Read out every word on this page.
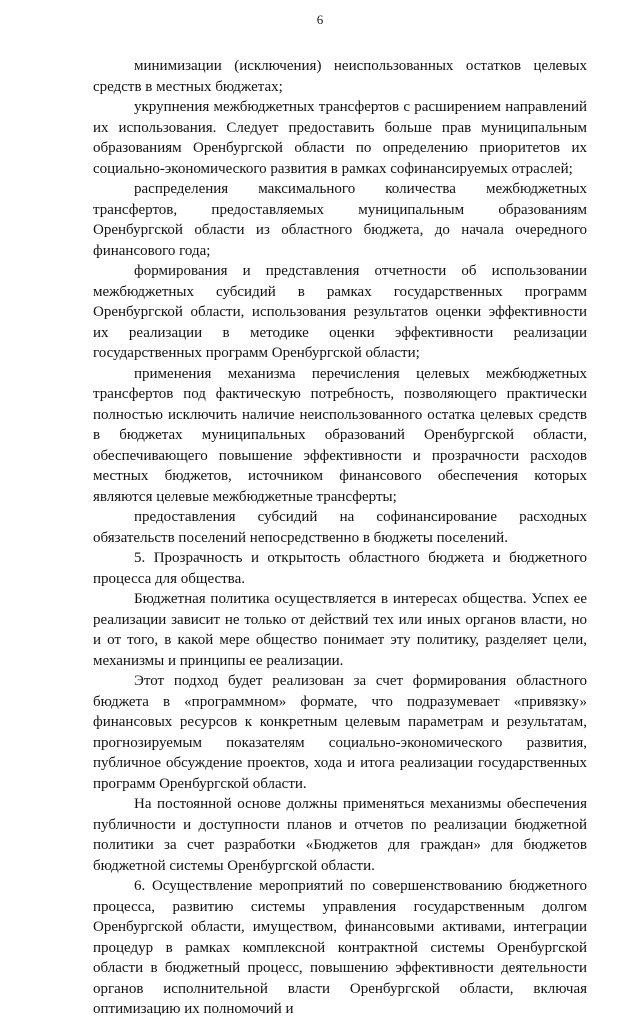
6

минимизации (исключения) неиспользованных остатков целевых средств в местных бюджетах;

укрупнения межбюджетных трансфертов с расширением направлений их использования. Следует предоставить больше прав муниципальным образованиям Оренбургской области по определению приоритетов их социально-экономического развития в рамках софинансируемых отраслей;

распределения максимального количества межбюджетных трансфертов, предоставляемых муниципальным образованиям Оренбургской области из областного бюджета, до начала очередного финансового года;

формирования и представления отчетности об использовании межбюджетных субсидий в рамках государственных программ Оренбургской области, использования результатов оценки эффективности их реализации в методике оценки эффективности реализации государственных программ Оренбургской области;

применения механизма перечисления целевых межбюджетных трансфертов под фактическую потребность, позволяющего практически полностью исключить наличие неиспользованного остатка целевых средств в бюджетах муниципальных образований Оренбургской области, обеспечивающего повышение эффективности и прозрачности расходов местных бюджетов, источником финансового обеспечения которых являются целевые межбюджетные трансферты;

предоставления субсидий на софинансирование расходных обязательств поселений непосредственно в бюджеты поселений.

5. Прозрачность и открытость областного бюджета и бюджетного процесса для общества.

Бюджетная политика осуществляется в интересах общества. Успех ее реализации зависит не только от действий тех или иных органов власти, но и от того, в какой мере общество понимает эту политику, разделяет цели, механизмы и принципы ее реализации.

Этот подход будет реализован за счет формирования областного бюджета в «программном» формате, что подразумевает «привязку» финансовых ресурсов к конкретным целевым параметрам и результатам, прогнозируемым показателям социально-экономического развития, публичное обсуждение проектов, хода и итога реализации государственных программ Оренбургской области.

На постоянной основе должны применяться механизмы обеспечения публичности и доступности планов и отчетов по реализации бюджетной политики за счет разработки «Бюджетов для граждан» для бюджетов бюджетной системы Оренбургской области.

6. Осуществление мероприятий по совершенствованию бюджетного процесса, развитию системы управления государственным долгом Оренбургской области, имуществом, финансовыми активами, интеграции процедур в рамках комплексной контрактной системы Оренбургской области в бюджетный процесс, повышению эффективности деятельности органов исполнительной власти Оренбургской области, включая оптимизацию их полномочий и
